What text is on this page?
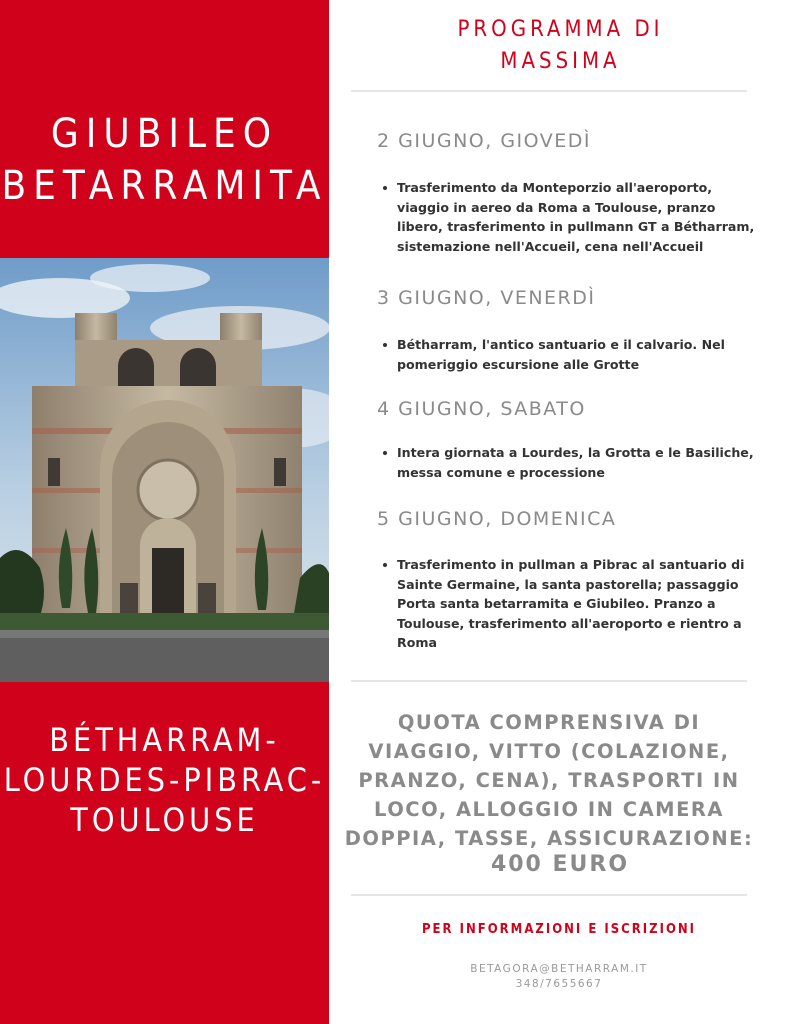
GIUBILEO
BETARRAMITA
BÉTHARRAM-
LOURDES-PIBRAC-
TOULOUSE
PROGRAMMA DI
MASSIMA
2 GIUGNO, GIOVEDÌ
Trasferimento da Monteporzio all'aeroporto, viaggio in aereo da Roma a Toulouse, pranzo libero, trasferimento in pullmann GT a Bétharram, sistemazione nell'Accueil, cena nell'Accueil
3 GIUGNO, VENERDÌ
Bétharram, l'antico santuario e il calvario. Nel pomeriggio escursione alle Grotte
4 GIUGNO, SABATO
Intera giornata a Lourdes, la Grotta e le Basiliche, messa comune e processione
5 GIUGNO, DOMENICA
Trasferimento in pullman a Pibrac al santuario di Sainte Germaine, la santa pastorella; passaggio Porta santa betarramita e Giubileo. Pranzo a Toulouse, trasferimento all'aeroporto e rientro a Roma
QUOTA COMPRENSIVA DI
VIAGGIO, VITTO (COLAZIONE,
PRANZO, CENA), TRASPORTI IN
LOCO, ALLOGGIO IN CAMERA
DOPPIA, TASSE, ASSICURAZIONE:
400 EURO
PER INFORMAZIONI E ISCRIZIONI
BETAGORA@BETHARRAM.IT
348/7655667
